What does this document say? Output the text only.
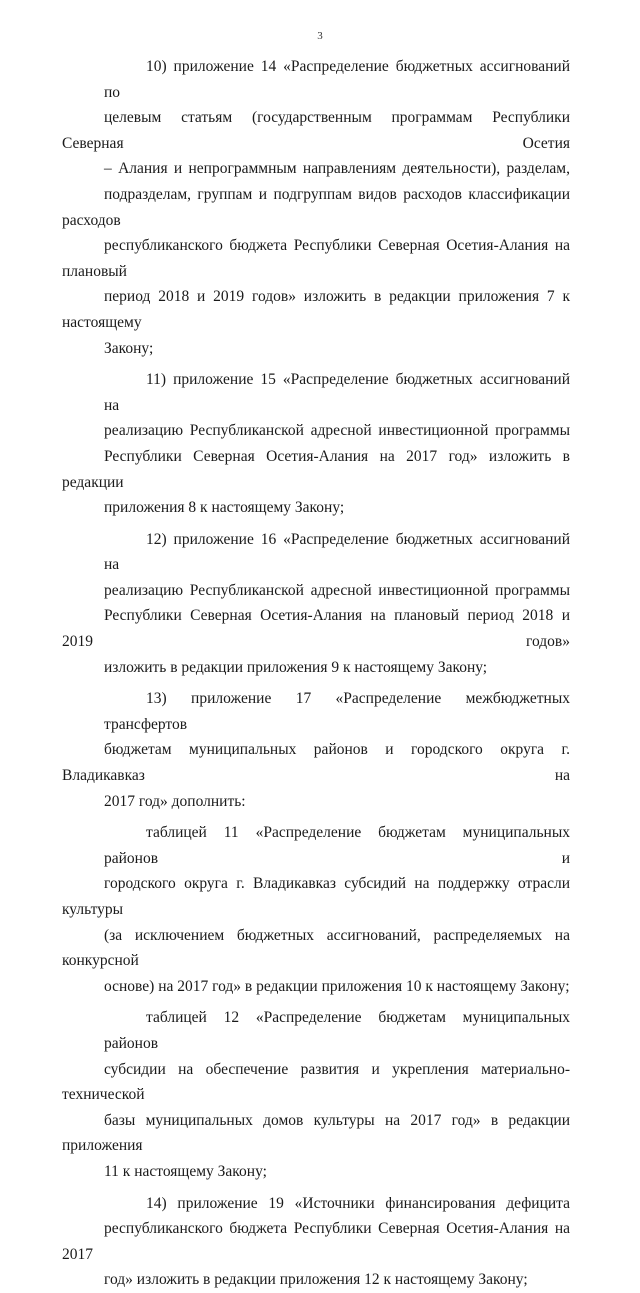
3
10) приложение 14 «Распределение бюджетных ассигнований по
целевым статьям (государственным программам Республики Северная Осетия
– Алания и непрограммным направлениям деятельности), разделам,
подразделам, группам и подгруппам видов расходов классификации расходов
республиканского бюджета Республики Северная Осетия-Алания на плановый
период 2018 и 2019 годов» изложить в редакции приложения 7 к настоящему
Закону;
11) приложение 15 «Распределение бюджетных ассигнований на
реализацию Республиканской адресной инвестиционной программы
Республики Северная Осетия-Алания на 2017 год» изложить в редакции
приложения 8 к настоящему Закону;
12) приложение 16 «Распределение бюджетных ассигнований на
реализацию Республиканской адресной инвестиционной программы
Республики Северная Осетия-Алания на плановый период 2018 и 2019 годов»
изложить в редакции приложения 9 к настоящему Закону;
13) приложение 17 «Распределение межбюджетных трансфертов
бюджетам муниципальных районов и городского округа г. Владикавказ на
2017 год» дополнить:
таблицей 11 «Распределение бюджетам муниципальных районов и
городского округа г. Владикавказ субсидий на поддержку отрасли культуры
(за исключением бюджетных ассигнований, распределяемых на конкурсной
основе) на 2017 год» в редакции приложения 10 к настоящему Закону;
таблицей 12 «Распределение бюджетам муниципальных районов
субсидии на обеспечение развития и укрепления материально-технической
базы муниципальных домов культуры на 2017 год» в редакции приложения
11 к настоящему Закону;
14) приложение 19 «Источники финансирования дефицита
республиканского бюджета Республики Северная Осетия-Алания на 2017
год» изложить в редакции приложения 12 к настоящему Закону;
